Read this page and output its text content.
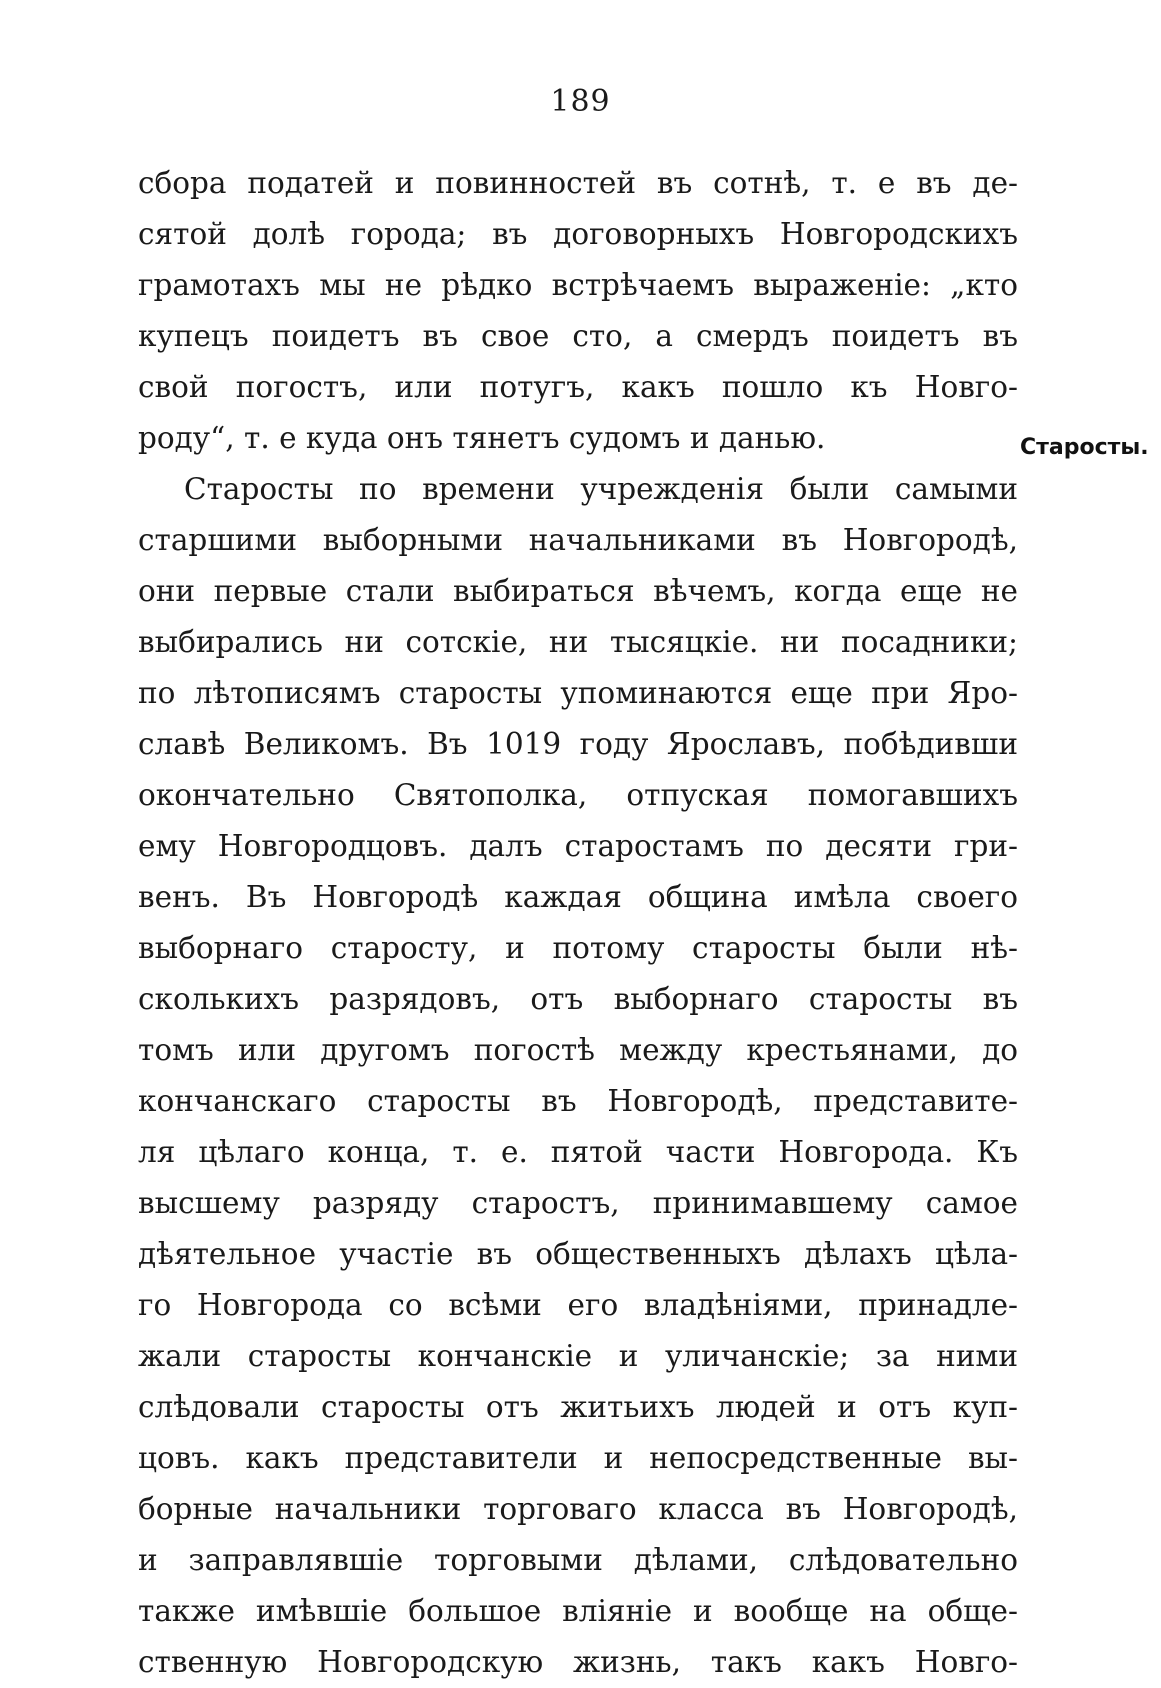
189
Старосты.
сбора податей и повинностей въ сотнѣ, т. е въ де-
сятой долѣ города; въ договорныхъ Новгородскихъ
грамотахъ мы не рѣдко встрѣчаемъ выраженіе: „кто
купецъ поидетъ въ свое сто, а смердъ поидетъ въ
свой погостъ, или потугъ, какъ пошло къ Новго-
роду“, т. е куда онъ тянетъ судомъ и данью.
Старосты по времени учрежденія были самыми
старшими выборными начальниками въ Новгородѣ,
они первые стали выбираться вѣчемъ, когда еще не
выбирались ни сотскіе, ни тысяцкіе. ни посадники;
по лѣтописямъ старосты упоминаются еще при Яро-
славѣ Великомъ. Въ 1019 году Ярославъ, побѣдивши
окончательно Святополка, отпуская помогавшихъ
ему Новгородцовъ. далъ старостамъ по десяти гри-
венъ. Въ Новгородѣ каждая община имѣла своего
выборнаго старосту, и потому старосты были нѣ-
сколькихъ разрядовъ, отъ выборнаго старосты въ
томъ или другомъ погостѣ между крестьянами, до
кончанскаго старосты въ Новгородѣ, представите-
ля цѣлаго конца, т. е. пятой части Новгорода. Къ
высшему разряду старостъ, принимавшему самое
дѣятельное участіе въ общественныхъ дѣлахъ цѣла-
го Новгорода со всѣми его владѣніями, принадле-
жали старосты кончанскіе и уличанскіе; за ними
слѣдовали старосты отъ житьихъ людей и отъ куп-
цовъ. какъ представители и непосредственные вы-
борные начальники торговаго класса въ Новгородѣ,
и заправлявшіе торговыми дѣлами, слѣдовательно
также имѣвшіе большое вліяніе и вообще на обще-
ственную Новгородскую жизнь, такъ какъ Новго-
